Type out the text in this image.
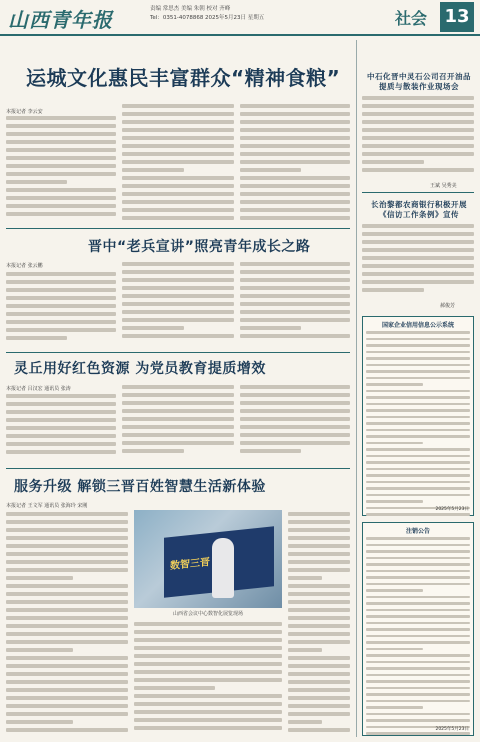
山西青年报	责编 常思杰 美编 朱朝 校对 齐峰
Tel：0351-4078868 2025年5月23日 星期五	社会 13
运城文化惠民丰富群众“精神食粮”
本报记者 李云安
晋中“老兵宣讲”照亮青年成长之路
本报记者 张云鹏
灵丘用好红色资源 为党员教育提质增效
本报记者 吕汉宏 通讯员 张涛
服务升级 解锁三晋百姓智慧生活新体验
本报记者 王文军 通讯员 张海玲 宋刚
数智三晋
山西省会议中心数智化展览现场
中石化晋中灵石公司召开油品提质与散装作业现场会
王斌 吴秀美
长治黎都农商银行积极开展《信访工作条例》宣传
郝俊芳
国家企业信用信息公示系统
2025年5月23日
注销公告
2025年5月23日
